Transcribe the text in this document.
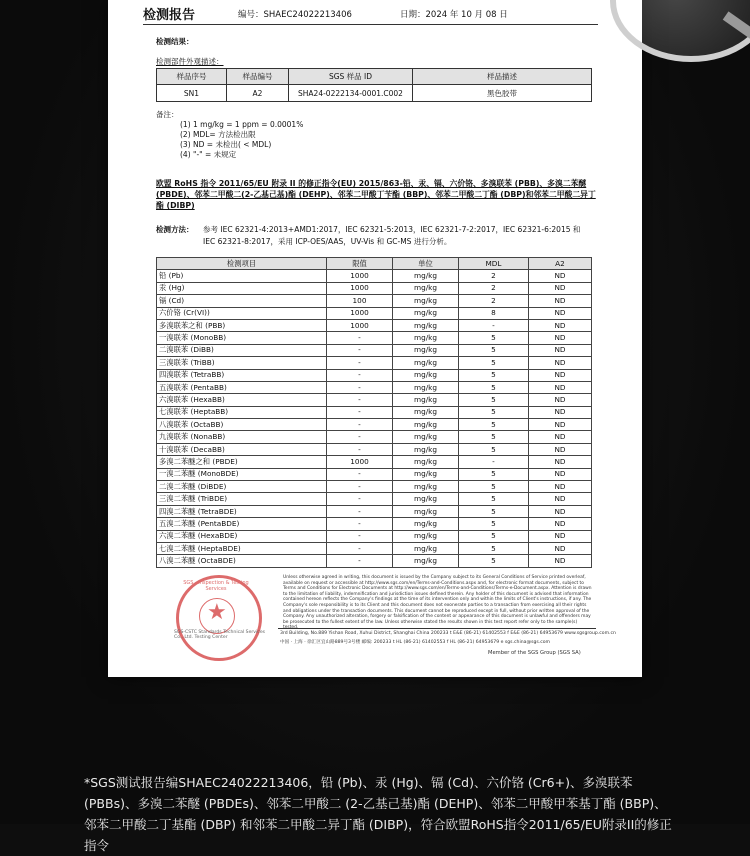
检测报告	编号：SHAEC24022213406	日期：2024 年 10 月 08 日
检测结果：
检测部件外观描述：
样品序号	样品编号	SGS 样品 ID	样品描述
SN1	A2	SHA24-0222134-0001.C002	黑色胶带
备注：
(1) 1 mg/kg = 1 ppm = 0.0001%
(2) MDL= 方法检出限
(3) ND = 未检出( < MDL)
(4) "-" = 未规定
欧盟 RoHS 指令 2011/65/EU 附录 II 的修正指令(EU) 2015/863-铅、汞、镉、六价铬、多溴联苯 (PBB)、多溴二苯醚 (PBDE)、邻苯二甲酸二(2-乙基己基)酯 (DEHP)、邻苯二甲酸丁苄酯 (BBP)、邻苯二甲酸二丁酯 (DBP)和邻苯二甲酸二异丁酯 (DIBP)
检测方法： 参考 IEC 62321-4:2013+AMD1:2017，IEC 62321-5:2013，IEC 62321-7-2:2017，IEC 62321-6:2015 和 IEC 62321-8:2017，采用 ICP-OES/AAS，UV-Vis 和 GC-MS 进行分析。
检测项目	限值	单位	MDL	A2
铅 (Pb)	1000	mg/kg	2	ND
汞 (Hg)	1000	mg/kg	2	ND
镉 (Cd)	100	mg/kg	2	ND
六价铬 (Cr(VI))	1000	mg/kg	8	ND
多溴联苯之和 (PBB)	1000	mg/kg	-	ND
一溴联苯 (MonoBB)	-	mg/kg	5	ND
二溴联苯 (DiBB)	-	mg/kg	5	ND
三溴联苯 (TriBB)	-	mg/kg	5	ND
四溴联苯 (TetraBB)	-	mg/kg	5	ND
五溴联苯 (PentaBB)	-	mg/kg	5	ND
六溴联苯 (HexaBB)	-	mg/kg	5	ND
七溴联苯 (HeptaBB)	-	mg/kg	5	ND
八溴联苯 (OctaBB)	-	mg/kg	5	ND
九溴联苯 (NonaBB)	-	mg/kg	5	ND
十溴联苯 (DecaBB)	-	mg/kg	5	ND
多溴二苯醚之和 (PBDE)	1000	mg/kg	-	ND
一溴二苯醚 (MonoBDE)	-	mg/kg	5	ND
二溴二苯醚 (DiBDE)	-	mg/kg	5	ND
三溴二苯醚 (TriBDE)	-	mg/kg	5	ND
四溴二苯醚 (TetraBDE)	-	mg/kg	5	ND
五溴二苯醚 (PentaBDE)	-	mg/kg	5	ND
六溴二苯醚 (HexaBDE)	-	mg/kg	5	ND
七溴二苯醚 (HeptaBDE)	-	mg/kg	5	ND
八溴二苯醚 (OctaBDE)	-	mg/kg	5	ND
SGS · Inspection & Testing Services
★
SGS-CSTC Standards Technical Services Co., Ltd. Testing Center
Unless otherwise agreed in writing, this document is issued by the Company subject to its General Conditions of Service printed overleaf, available on request or accessible at http://www.sgs.com/en/Terms-and-Conditions.aspx and, for electronic format documents, subject to Terms and Conditions for Electronic Documents at http://www.sgs.com/en/Terms-and-Conditions/Terms-e-Document.aspx. Attention is drawn to the limitation of liability, indemnification and jurisdiction issues defined therein. Any holder of this document is advised that information contained hereon reflects the Company's findings at the time of its intervention only and within the limits of Client's instructions, if any. The Company's sole responsibility is to its Client and this document does not exonerate parties to a transaction from exercising all their rights and obligations under the transaction documents. This document cannot be reproduced except in full, without prior written approval of the Company. Any unauthorized alteration, forgery or falsification of the content or appearance of this document is unlawful and offenders may be prosecuted to the fullest extent of the law. Unless otherwise stated the results shown in this test report refer only to the sample(s) tested.
3rd Building, No.889 Yishan Road, Xuhui District, Shanghai China 200233 t E&E (86-21) 61402553 f E&E (86-21) 64953679 www.sgsgroup.com.cn
中国 · 上海 · 徐汇区宜山路889号3号楼 邮编: 200233 t HL (86-21) 61402553 f HL (86-21) 64953679 e sgs.china@sgs.com
Member of the SGS Group (SGS SA)
*SGS测试报告编SHAEC24022213406，铅 (Pb)、汞 (Hg)、镉 (Cd)、六价铬 (Cr6+)、多溴联苯 (PBBs)、多溴二苯醚 (PBDEs)、邻苯二甲酸二 (2-乙基己基)酯 (DEHP)、邻苯二甲酸甲苯基丁酯 (BBP)、邻苯二甲酸二丁基酯 (DBP) 和邻苯二甲酸二异丁酯 (DIBP)，符合欧盟RoHS指令2011/65/EU附录II的修正指令
